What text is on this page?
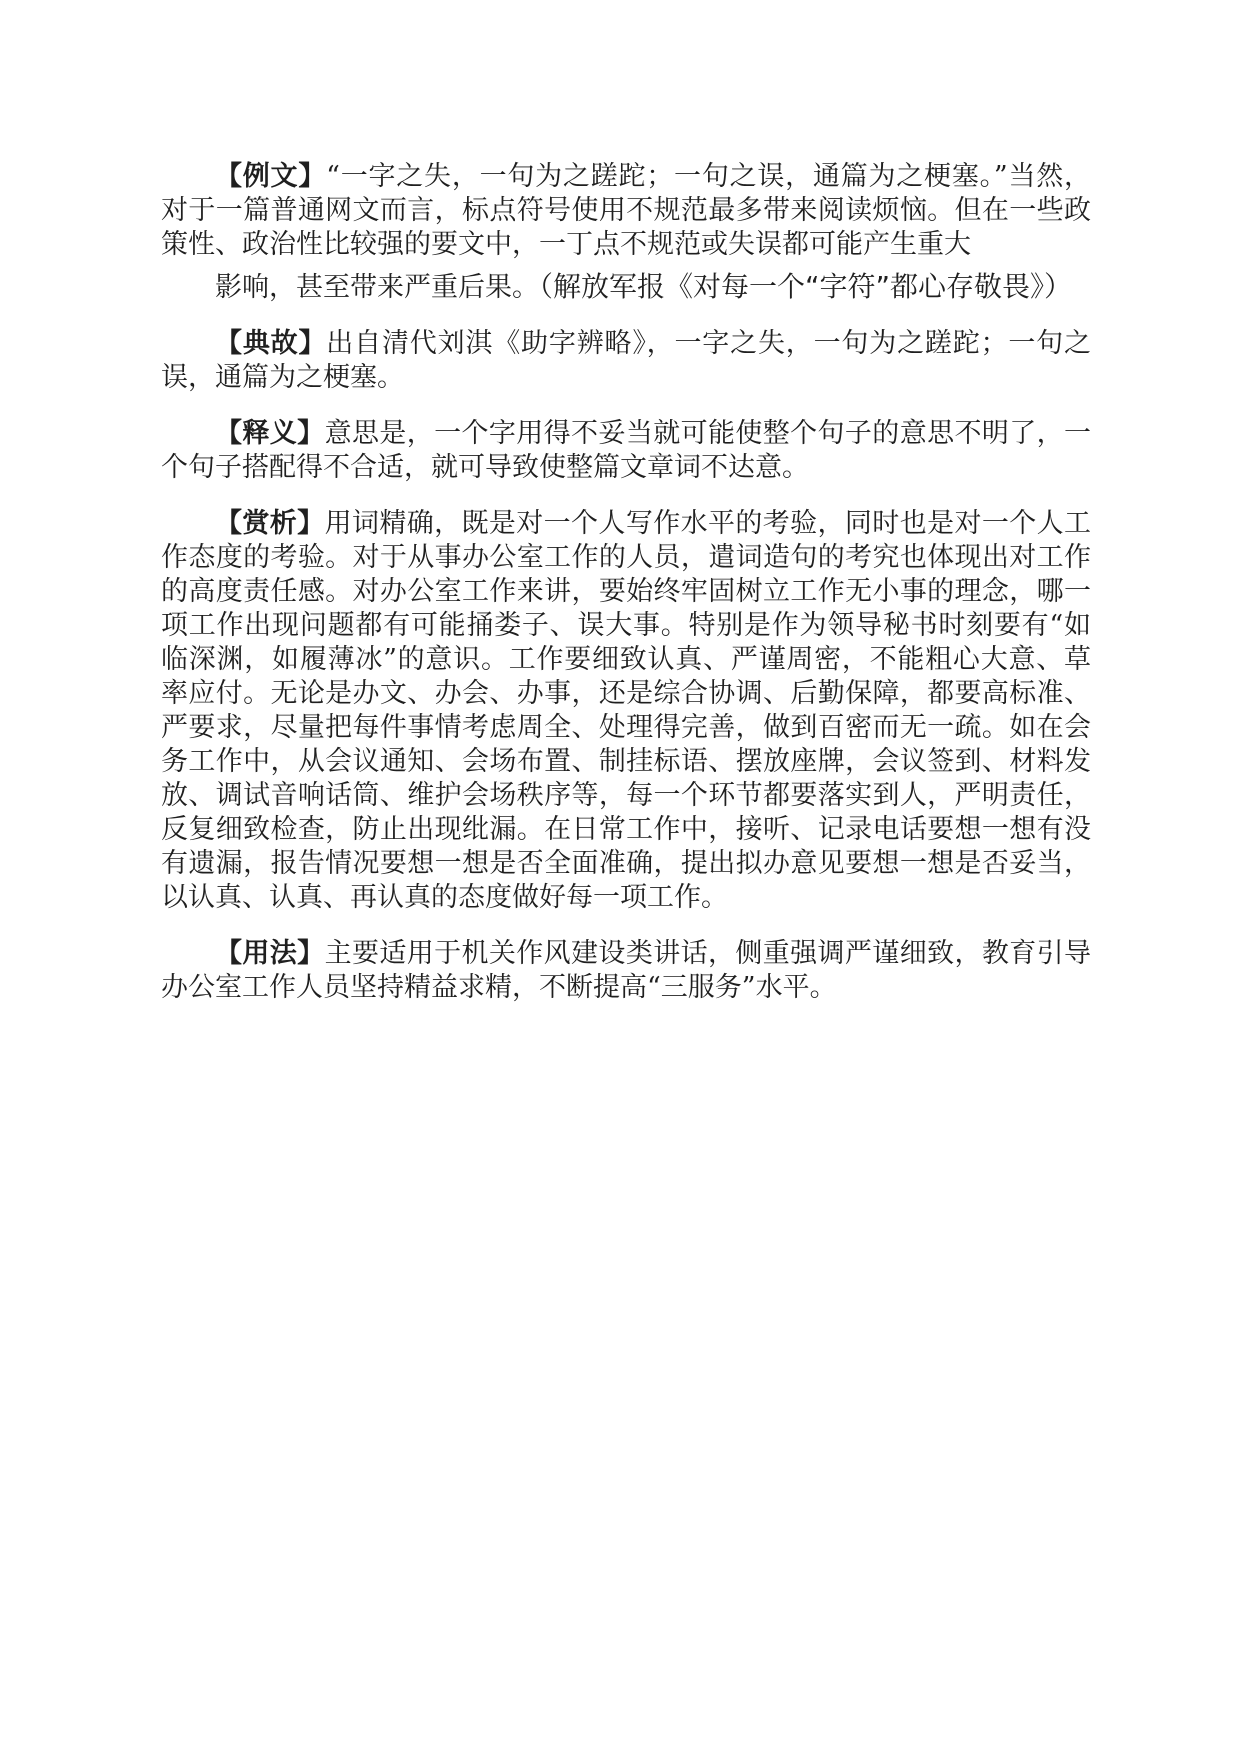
【例文】“一字之失，一句为之蹉跎；一句之误，通篇为之梗塞。”当然，对于一篇普通网文而言，标点符号使用不规范最多带来阅读烦恼。但在一些政策性、政治性比较强的要文中，一丁点不规范或失误都可能产生重大
影响，甚至带来严重后果。（解放军报《对每一个“字符”都心存敬畏》）

【典故】出自清代刘淇《助字辨略》，一字之失，一句为之蹉跎；一句之误，通篇为之梗塞。

【释义】意思是，一个字用得不妥当就可能使整个句子的意思不明了，一个句子搭配得不合适，就可导致使整篇文章词不达意。

【赏析】用词精确，既是对一个人写作水平的考验，同时也是对一个人工作态度的考验。对于从事办公室工作的人员，遣词造句的考究也体现出对工作的高度责任感。对办公室工作来讲，要始终牢固树立工作无小事的理念，哪一项工作出现问题都有可能捅娄子、误大事。特别是作为领导秘书时刻要有“如临深渊，如履薄冰”的意识。工作要细致认真、严谨周密，不能粗心大意、草率应付。无论是办文、办会、办事，还是综合协调、后勤保障，都要高标准、严要求，尽量把每件事情考虑周全、处理得完善，做到百密而无一疏。如在会务工作中，从会议通知、会场布置、制挂标语、摆放座牌，会议签到、材料发放、调试音响话筒、维护会场秩序等，每一个环节都要落实到人，严明责任，反复细致检查，防止出现纰漏。在日常工作中，接听、记录电话要想一想有没有遗漏，报告情况要想一想是否全面准确，提出拟办意见要想一想是否妥当，以认真、认真、再认真的态度做好每一项工作。

【用法】主要适用于机关作风建设类讲话，侧重强调严谨细致，教育引导办公室工作人员坚持精益求精，不断提高“三服务”水平。
